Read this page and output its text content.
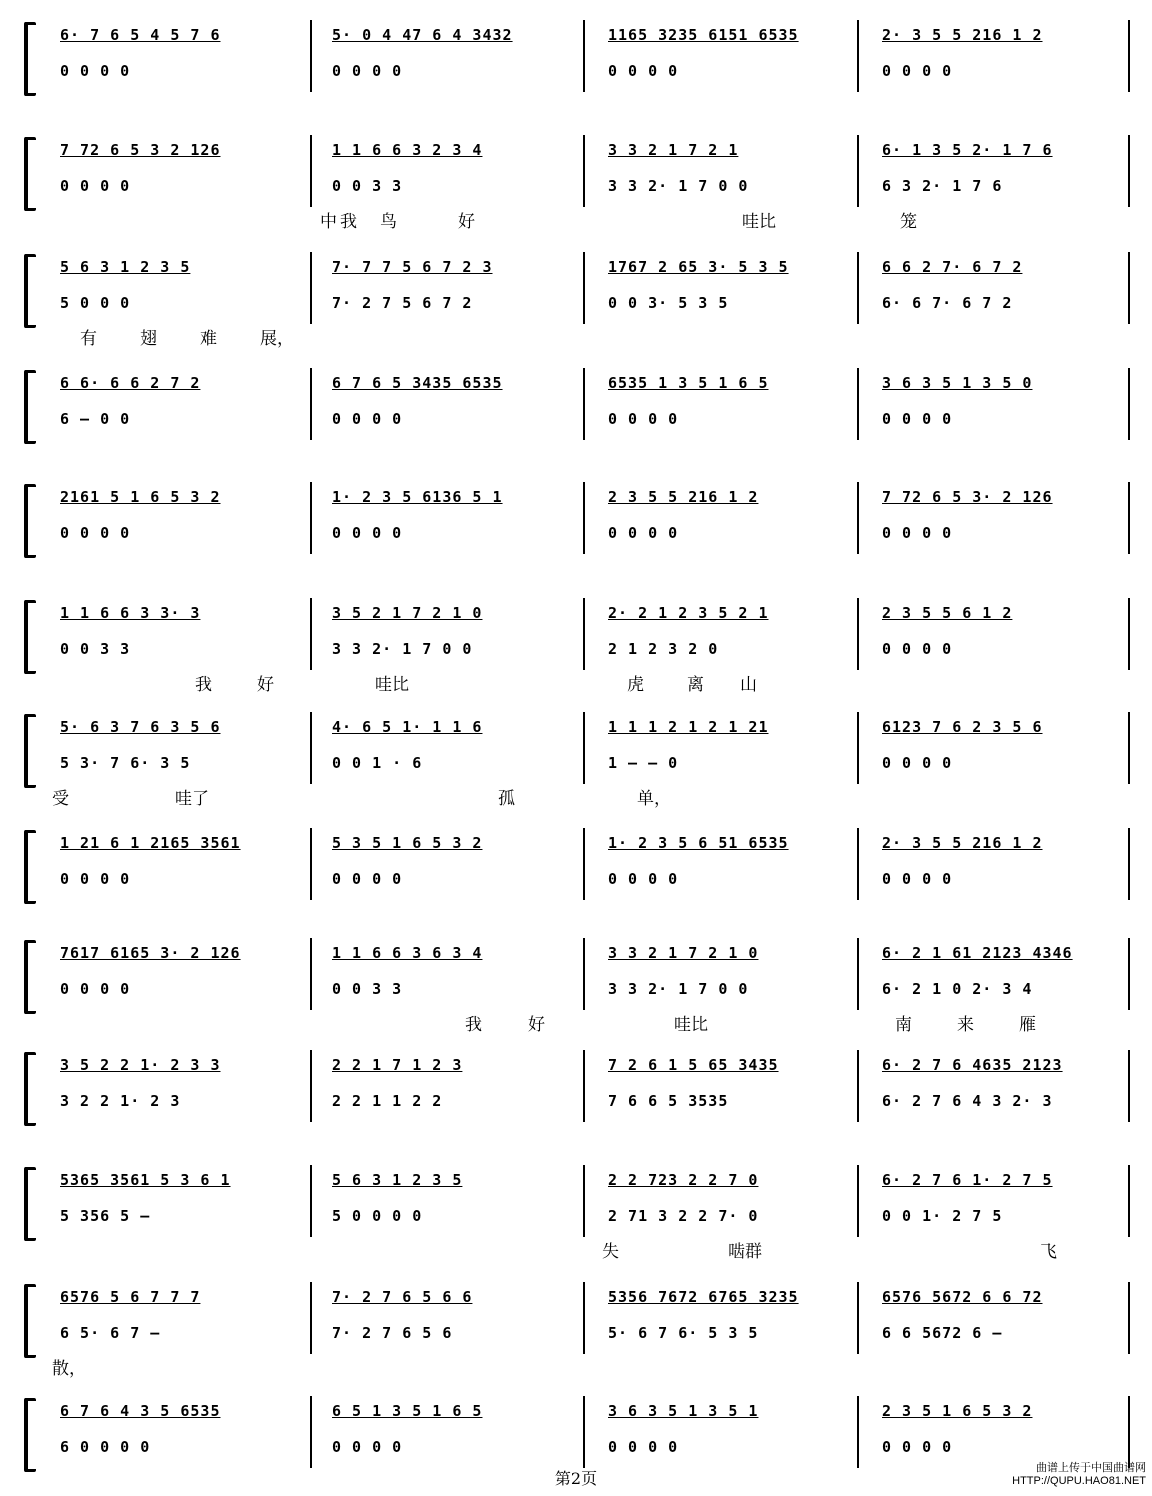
6· 7 6 5 4 5 7 6	5· 0 4 47 6 4 3432	1165 3235 6151 6535	2· 3 5 5 216 1 2
0 0 0 0	0 0 0 0	0 0 0 0	0 0 0 0
7 72 6 5 3 2 126	1 1 6 6 3 2 3 4	3 3 2 1 7 2 1	6· 1 3 5 2· 1 7 6
0 0 0 0	0 0 3 3	3 3 2· 1 7 0 0	6 3 2· 1 7 6
我	好	哇比	笼
中	鸟
5 6 3 1 2 3 5	7· 7 7 5 6 7 2 3	1767 2 65 3· 5 3 5	6 6 2 7· 6 7 2
5 0 0 0	7· 2 7 5 6 7 2	0 0 3· 5 3 5	6· 6 7· 6 7 2
有	翅	难	展，
6 6· 6 6 2 7 2	6 7 6 5 3435 6535	6535 1 3 5 1 6 5	3 6 3 5 1 3 5 0
6 — 0 0	0 0 0 0	0 0 0 0	0 0 0 0
2161 5 1 6 5 3 2	1· 2 3 5 6136 5 1	2 3 5 5 216 1 2	7 72 6 5 3· 2 126
0 0 0 0	0 0 0 0	0 0 0 0	0 0 0 0
1 1 6 6 3 3· 3	3 5 2 1 7 2 1 0	2· 2 1 2 3 5 2 1	2 3 5 5 6 1 2
0 0 3 3	3 3 2· 1 7 0 0	2 1 2 3 2 0	0 0 0 0
我	好	哇比	虎	离 山
5· 6 3 7 6 3 5 6	4· 6 5 1· 1 1 6	1 1 1 2 1 2 1 21	6123 7 6 2 3 5 6
5 3· 7 6· 3 5	0 0 1 · 6	1 — — 0	0 0 0 0
受	哇了	孤	单，
1 21 6 1 2165 3561	5 3 5 1 6 5 3 2	1· 2 3 5 6 51 6535	2· 3 5 5 216 1 2
0 0 0 0	0 0 0 0	0 0 0 0	0 0 0 0
7617 6165 3· 2 126	1 1 6 6 3 6 3 4	3 3 2 1 7 2 1 0	6· 2 1 61 2123 4346
0 0 0 0	0 0 3 3	3 3 2· 1 7 0 0	6· 2 1 0 2· 3 4
我	好	哇比	南	来	雁
3 5 2 2 1· 2 3 3	2 2 1 7 1 2 3	7 2 6 1 5 65 3435	6· 2 7 6 4635 2123
3 2 2 1· 2 3	2 2 1 1 2 2	7 6 6 5 3535	6· 2 7 6 4 3 2· 3
5365 3561 5 3 6 1	5 6 3 1 2 3 5	2 2 723 2 2 7 0	6· 2 7 6 1· 2 7 5
5 356 5 —	5 0 0 0 0	2 71 3 2 2 7· 0	0 0 1· 2 7 5
失	啮群	飞
6576 5 6 7 7 7	7· 2 7 6 5 6 6	5356 7672 6765 3235	6576 5672 6 6 72
6 5· 6 7 —	7· 2 7 6 5 6	5· 6 7 6· 5 3 5	6 6 5672 6 —
散，
6 7 6 4 3 5 6535	6 5 1 3 5 1 6 5	3 6 3 5 1 3 5 1	2 3 5 1 6 5 3 2
6 0 0 0 0	0 0 0 0	0 0 0 0	0 0 0 0
第2页
曲谱上传于中国曲谱网
HTTP://QUPU.HAO81.NET
